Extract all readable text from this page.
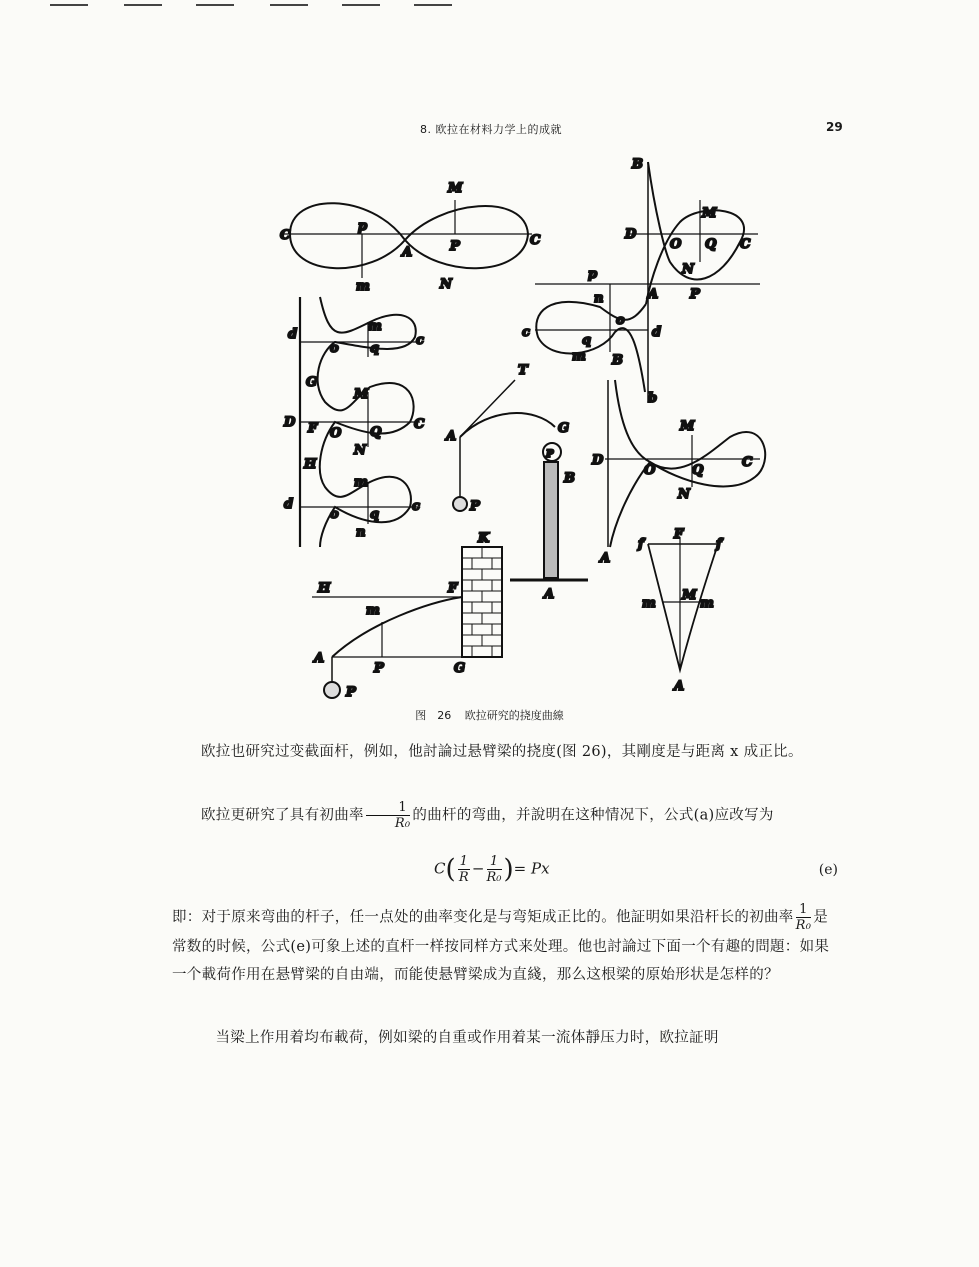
8. 欧拉在材料力学上的成就	29
C
M
p
A	P	C
m	N
B
D
M
O Q C
N
P
A
p
n
c
o
q
d
m
b
B
d
m
o q
c
G
M
D F O Q
C
N
H
m
d
o q
c
n
T
A
G
P
P
B
A
M
D
O	Q
C
N
A
K
H	F
m
A
P	G
P
F
f	f
m
M
m
A
图　26 欧拉研究的挠度曲線
欧拉也研究过变截面杆，例如，他討論过悬臂梁的挠度(图 26)，其剛度是与距离 x 成正比。
欧拉更研究了具有初曲率 $\frac{1}{\text{R₀}}$ 的曲杆的弯曲，并說明在这种情况下，公式(a)应改写为
$C( \frac{1}{R} - \frac{1}{\text{R₀}}$ )= Px	(e)
即：对于原来弯曲的杆子，任一点处的曲率变化是与弯矩成正比的。他証明如果沿杆长的初曲率 $\frac{1}{\text{R₀}}$ 是常数的时候，公式(e)可象上述的直杆一样按同样方式来处理。他也討論过下面一个有趣的問題：如果一个載荷作用在悬臂梁的自由端，而能使悬臂梁成为直綫，那么这根梁的原始形状是怎样的？
当梁上作用着均布載荷，例如梁的自重或作用着某一流体靜压力时，欧拉証明
